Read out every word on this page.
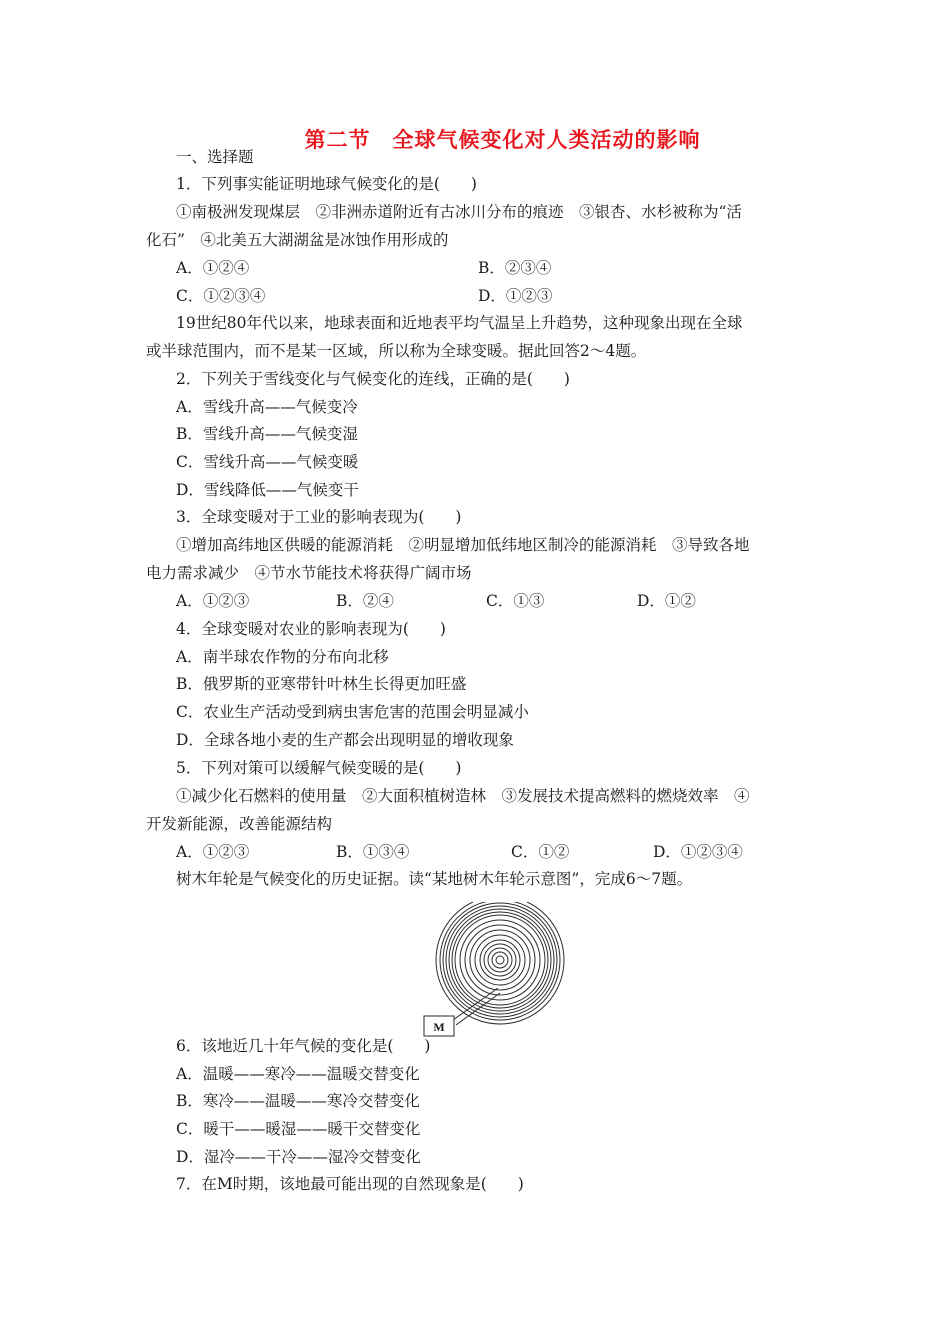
第二节　全球气候变化对人类活动的影响
一、选择题
1．下列事实能证明地球气候变化的是(　　)
①南极洲发现煤层　②非洲赤道附近有古冰川分布的痕迹　③银杏、水杉被称为“活
化石”　④北美五大湖湖盆是冰蚀作用形成的
A．①②④	B．②③④
C．①②③④	D．①②③
19世纪80年代以来，地球表面和近地表平均气温呈上升趋势，这种现象出现在全球
或半球范围内，而不是某一区域，所以称为全球变暖。据此回答2～4题。
2．下列关于雪线变化与气候变化的连线，正确的是(　　)
A．雪线升高——气候变冷
B．雪线升高——气候变湿
C．雪线升高——气候变暖
D．雪线降低——气候变干
3．全球变暖对于工业的影响表现为(　　)
①增加高纬地区供暖的能源消耗　②明显增加低纬地区制冷的能源消耗　③导致各地
电力需求减少　④节水节能技术将获得广阔市场
A．①②③	B．②④	C．①③	D．①②
4．全球变暖对农业的影响表现为(　　)
A．南半球农作物的分布向北移
B．俄罗斯的亚寒带针叶林生长得更加旺盛
C．农业生产活动受到病虫害危害的范围会明显减小
D．全球各地小麦的生产都会出现明显的增收现象
5．下列对策可以缓解气候变暖的是(　　)
①减少化石燃料的使用量　②大面积植树造林　③发展技术提高燃料的燃烧效率　④
开发新能源，改善能源结构
A．①②③	B．①③④	C．①②	D．①②③④
树木年轮是气候变化的历史证据。读“某地树木年轮示意图”，完成6～7题。
M
6．该地近几十年气候的变化是(　　)
A．温暖——寒冷——温暖交替变化
B．寒冷——温暖——寒冷交替变化
C．暖干——暖湿——暖干交替变化
D．湿冷——干冷——湿冷交替变化
7．在M时期，该地最可能出现的自然现象是(　　)
